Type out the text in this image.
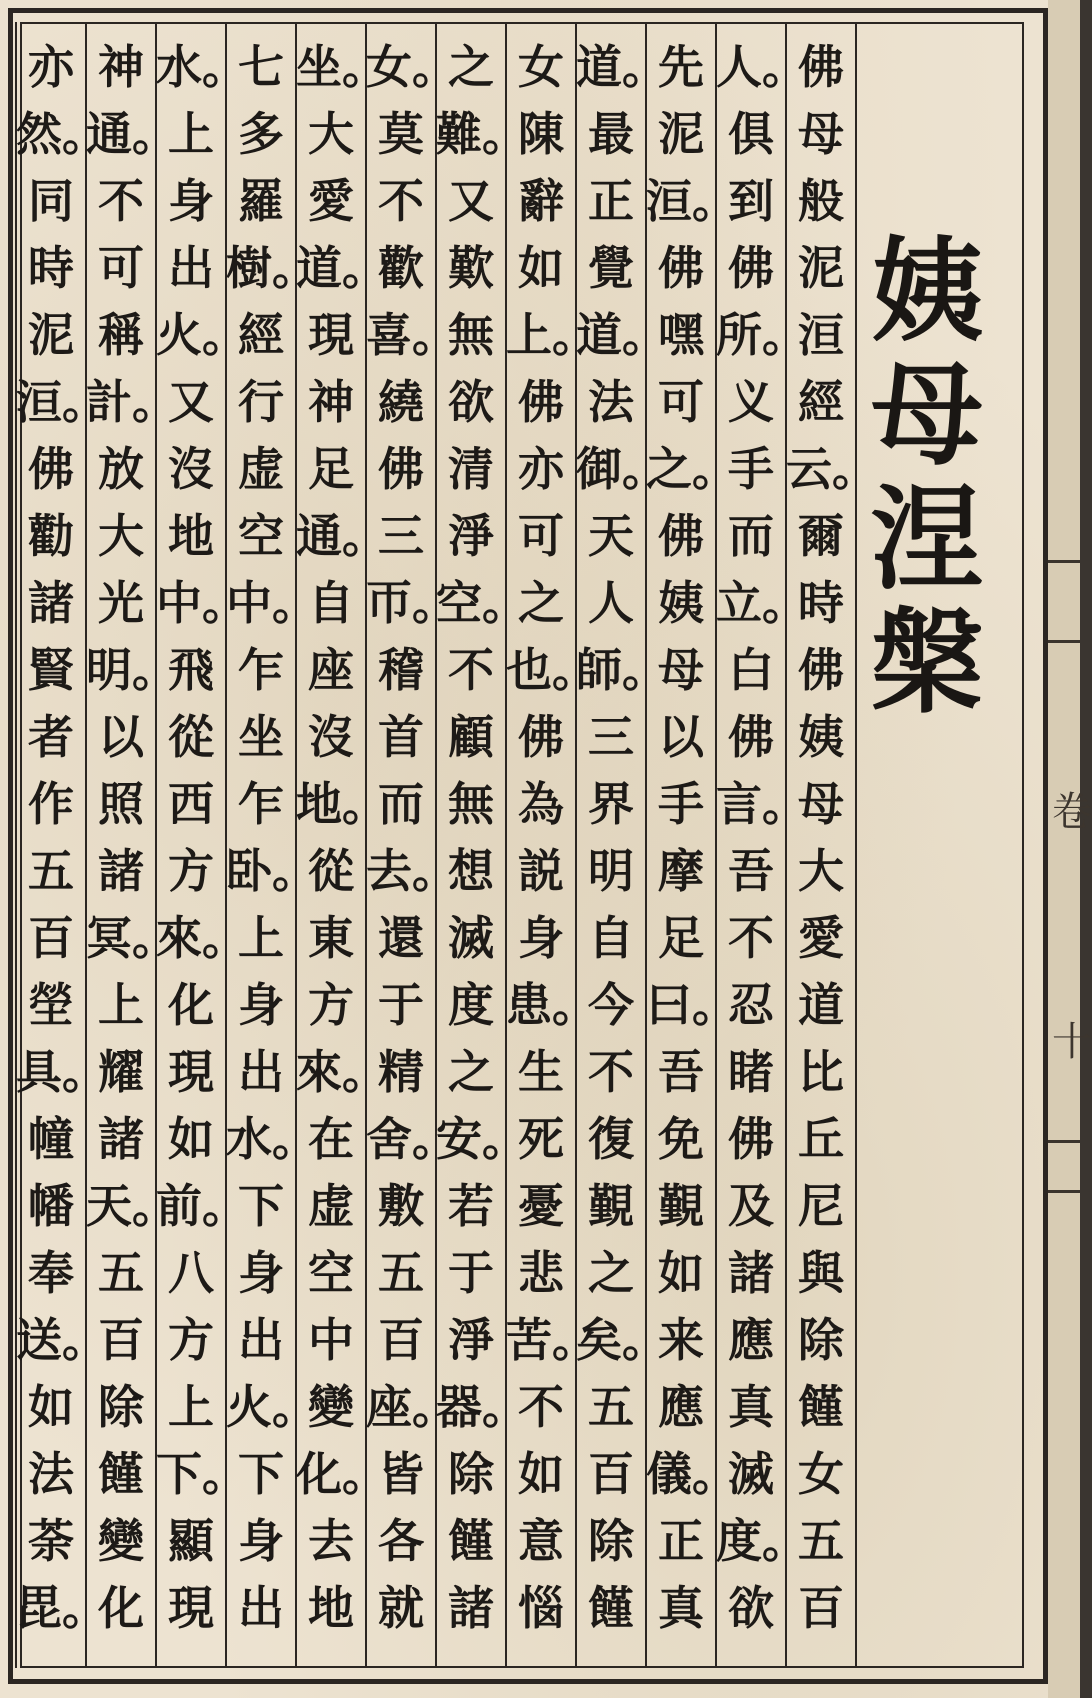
佛
母
般
泥
洹
經
云。
爾
時
佛
姨
母
大
愛
道
比
丘
尼
與
除
饉
女
五
百
人。
俱
到
佛
所。
义
手
而
立。
白
佛
言。
吾
不
忍
睹
佛
及
諸
應
真
滅
度。
欲
先
泥
洹。
佛
嘿
可
之。
佛
姨
母
以
手
摩
足
曰。
吾
免
覲
如
来
應
儀。
正
真
道。
最
正
覺
道。
法
御。
天
人
師。
三
界
明
自
今
不
復
覲
之
矣。
五
百
除
饉
女
陳
辭
如
上。
佛
亦
可
之
也。
佛
為
説
身
患。
生
死
憂
悲
苦。
不
如
意
惱
之
難。
又
歎
無
欲
清
淨
空。
不
顧
無
想
滅
度
之
安。
若
于
淨
器。
除
饉
諸
女。
莫
不
歡
喜。
繞
佛
三
帀。
稽
首
而
去。
還
于
精
舍。
敷
五
百
座。
皆
各
就
坐。
大
愛
道。
現
神
足
通。
自
座
沒
地。
從
東
方
來。
在
虚
空
中
變
化。
去
地
七
多
羅
樹。
經
行
虚
空
中。
乍
坐
乍
卧。
上
身
出
水。
下
身
出
火。
下
身
出
水。
上
身
出
火。
又
沒
地
中。
飛
從
西
方
來。
化
現
如
前。
八
方
上
下。
顯
現
神
通。
不
可
稱
計。
放
大
光
明。
以
照
諸
冥。
上
耀
諸
天。
五
百
除
饉
變
化
亦
然。
同
時
泥
洹。
佛
勸
諸
賢
者
作
五
百
塋
具。
幢
幡
奉
送。
如
法
荼
毘。
姨
母
涅
槃
卷
十
